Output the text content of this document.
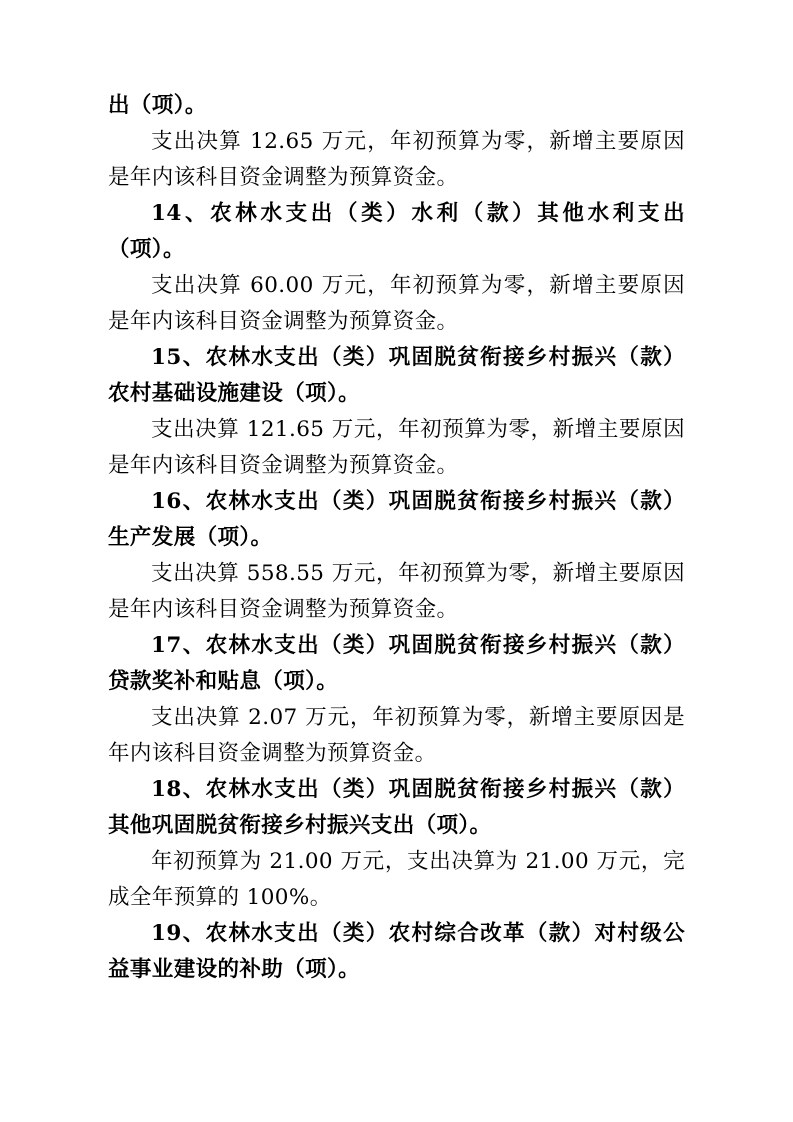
出（项）。

支出决算 12.65 万元，年初预算为零，新增主要原因是年内该科目资金调整为预算资金。

14、农林水支出（类）水利（款）其他水利支出（项）。

支出决算 60.00 万元，年初预算为零，新增主要原因是年内该科目资金调整为预算资金。

15、农林水支出（类）巩固脱贫衔接乡村振兴（款）农村基础设施建设（项）。

支出决算 121.65 万元，年初预算为零，新增主要原因是年内该科目资金调整为预算资金。

16、农林水支出（类）巩固脱贫衔接乡村振兴（款）生产发展（项）。

支出决算 558.55 万元，年初预算为零，新增主要原因是年内该科目资金调整为预算资金。

17、农林水支出（类）巩固脱贫衔接乡村振兴（款）贷款奖补和贴息（项）。

支出决算 2.07 万元，年初预算为零，新增主要原因是年内该科目资金调整为预算资金。

18、农林水支出（类）巩固脱贫衔接乡村振兴（款）其他巩固脱贫衔接乡村振兴支出（项）。

年初预算为 21.00 万元，支出决算为 21.00 万元，完成全年预算的 100%。

19、农林水支出（类）农村综合改革（款）对村级公益事业建设的补助（项）。
